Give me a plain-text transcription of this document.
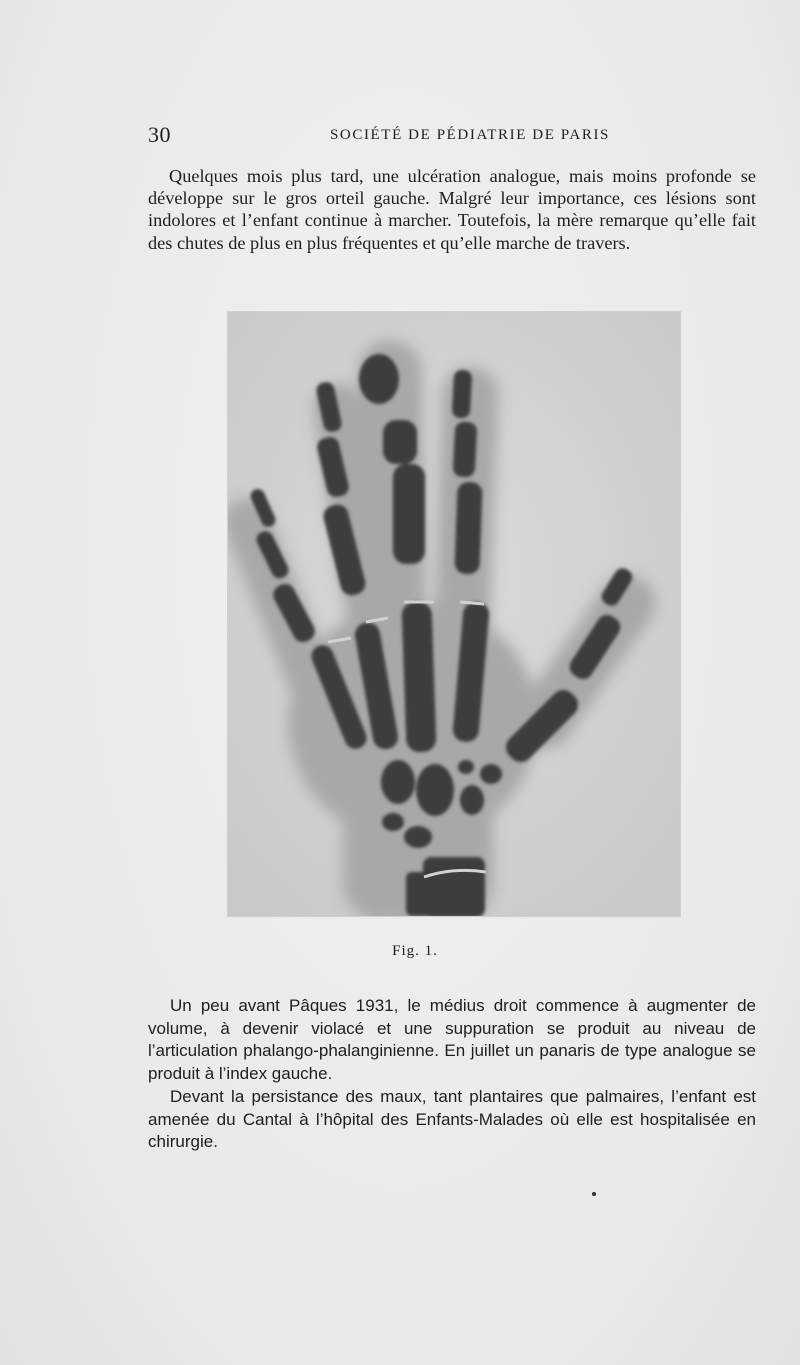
30	SOCIÉTÉ DE PÉDIATRIE DE PARIS

Quelques mois plus tard, une ulcération analogue, mais moins profonde se développe sur le gros orteil gauche. Malgré leur importance, ces lésions sont indolores et l’enfant continue à marcher. Toutefois, la mère remarque qu’elle fait des chutes de plus en plus fréquentes et qu’elle marche de travers.

Fig. 1.

Un peu avant Pâques 1931, le médius droit commence à augmenter de volume, à devenir violacé et une suppuration se produit au niveau de l’articulation phalango-phalanginienne. En juillet un panaris de type analogue se produit à l’index gauche.

Devant la persistance des maux, tant plantaires que palmaires, l’enfant est amenée du Cantal à l’hôpital des Enfants-Malades où elle est hospitalisée en chirurgie.
